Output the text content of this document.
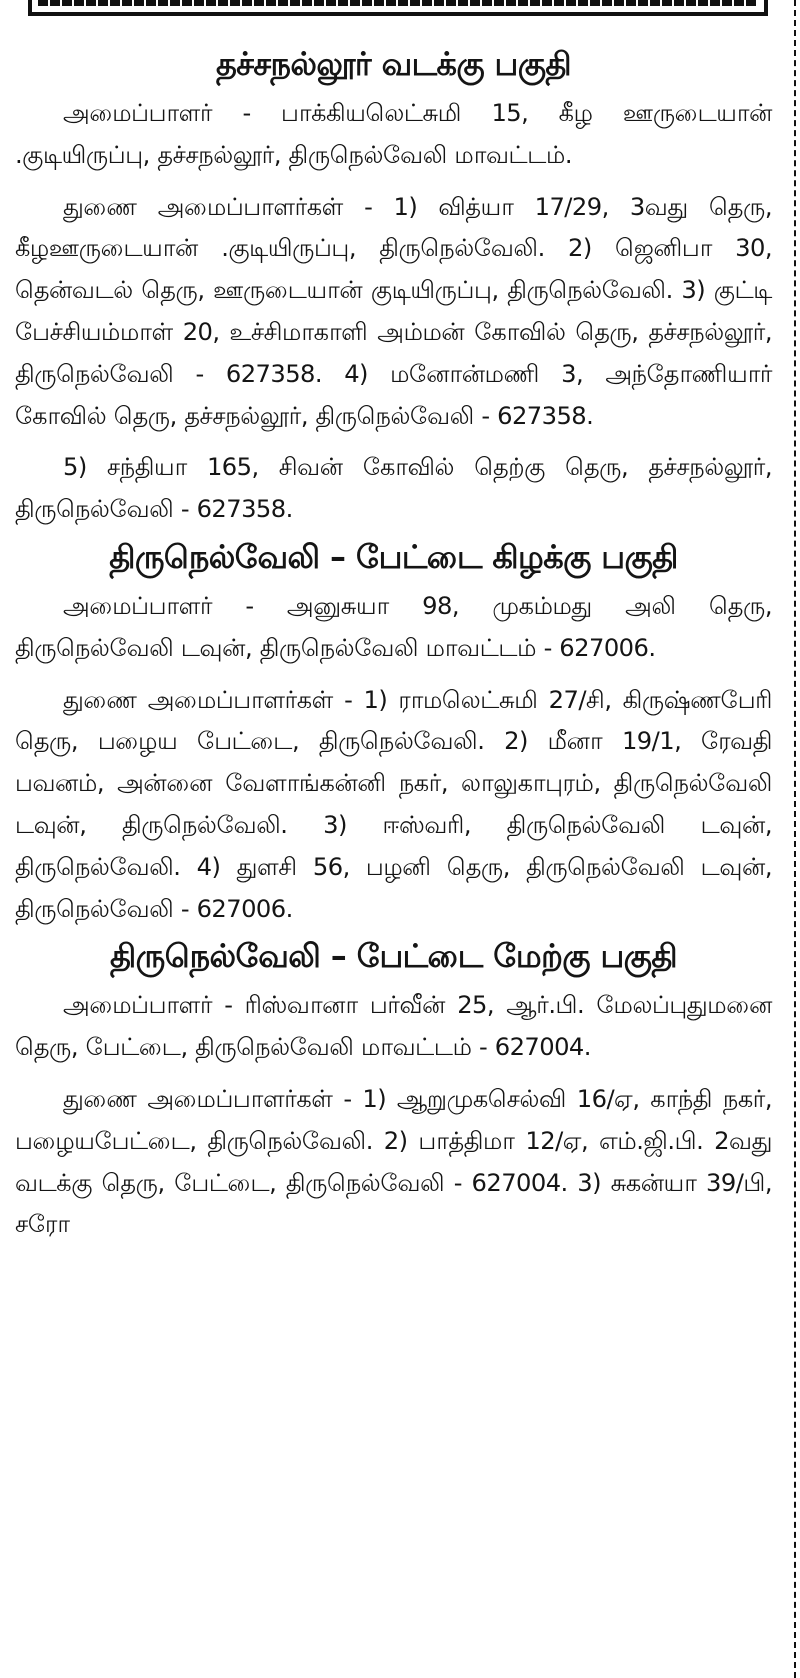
தச்சநல்லூர் வடக்கு பகுதி

அமைப்பாளர் - பாக்கியலெட்சுமி 15, கீழ ஊருடையான் .குடியிருப்பு, தச்சநல்லூர், திருநெல்வேலி மாவட்டம்.

துணை அமைப்பாளர்கள் - 1) வித்யா 17/29, 3வது தெரு, கீழஊருடையான் .குடியிருப்பு, திருநெல்வேலி. 2) ஜெனிபா 30, தென்வடல் தெரு, ஊருடையான் குடியிருப்பு, திருநெல்வேலி. 3) குட்டி பேச்சியம்மாள் 20, உச்சிமாகாளி அம்மன் கோவில் தெரு, தச்சநல்லூர், திருநெல்வேலி - 627358. 4) மனோன்மணி 3, அந்தோணியார் கோவில் தெரு, தச்சநல்லூர், திருநெல்வேலி - 627358.

5) சந்தியா 165, சிவன் கோவில் தெற்கு தெரு, தச்சநல்லூர், திருநெல்வேலி - 627358.

திருநெல்வேலி – பேட்டை கிழக்கு பகுதி

அமைப்பாளர் - அனுசுயா 98, முகம்மது அலி தெரு, திருநெல்வேலி டவுன், திருநெல்வேலி மாவட்டம் - 627006.

துணை அமைப்பாளர்கள் - 1) ராமலெட்சுமி 27/சி, கிருஷ்ணபேரி தெரு, பழைய பேட்டை, திருநெல்வேலி. 2) மீனா 19/1, ரேவதி பவனம், அன்னை வேளாங்கன்னி நகர், லாலுகாபுரம், திருநெல்வேலி டவுன், திருநெல்வேலி. 3) ஈஸ்வரி, திருநெல்வேலி டவுன், திருநெல்வேலி. 4) துளசி 56, பழனி தெரு, திருநெல்வேலி டவுன், திருநெல்வேலி - 627006.

திருநெல்வேலி – பேட்டை மேற்கு பகுதி

அமைப்பாளர் - ரிஸ்வானா பர்வீன் 25, ஆர்.பி. மேலப்புதுமனை தெரு, பேட்டை, திருநெல்வேலி மாவட்டம் - 627004.

துணை அமைப்பாளர்கள் - 1) ஆறுமுகசெல்வி 16/ஏ, காந்தி நகர், பழையபேட்டை, திருநெல்வேலி. 2) பாத்திமா 12/ஏ, எம்.ஜி.பி. 2வது வடக்கு தெரு, பேட்டை, திருநெல்வேலி - 627004. 3) சுகன்யா 39/பி, சரோ
